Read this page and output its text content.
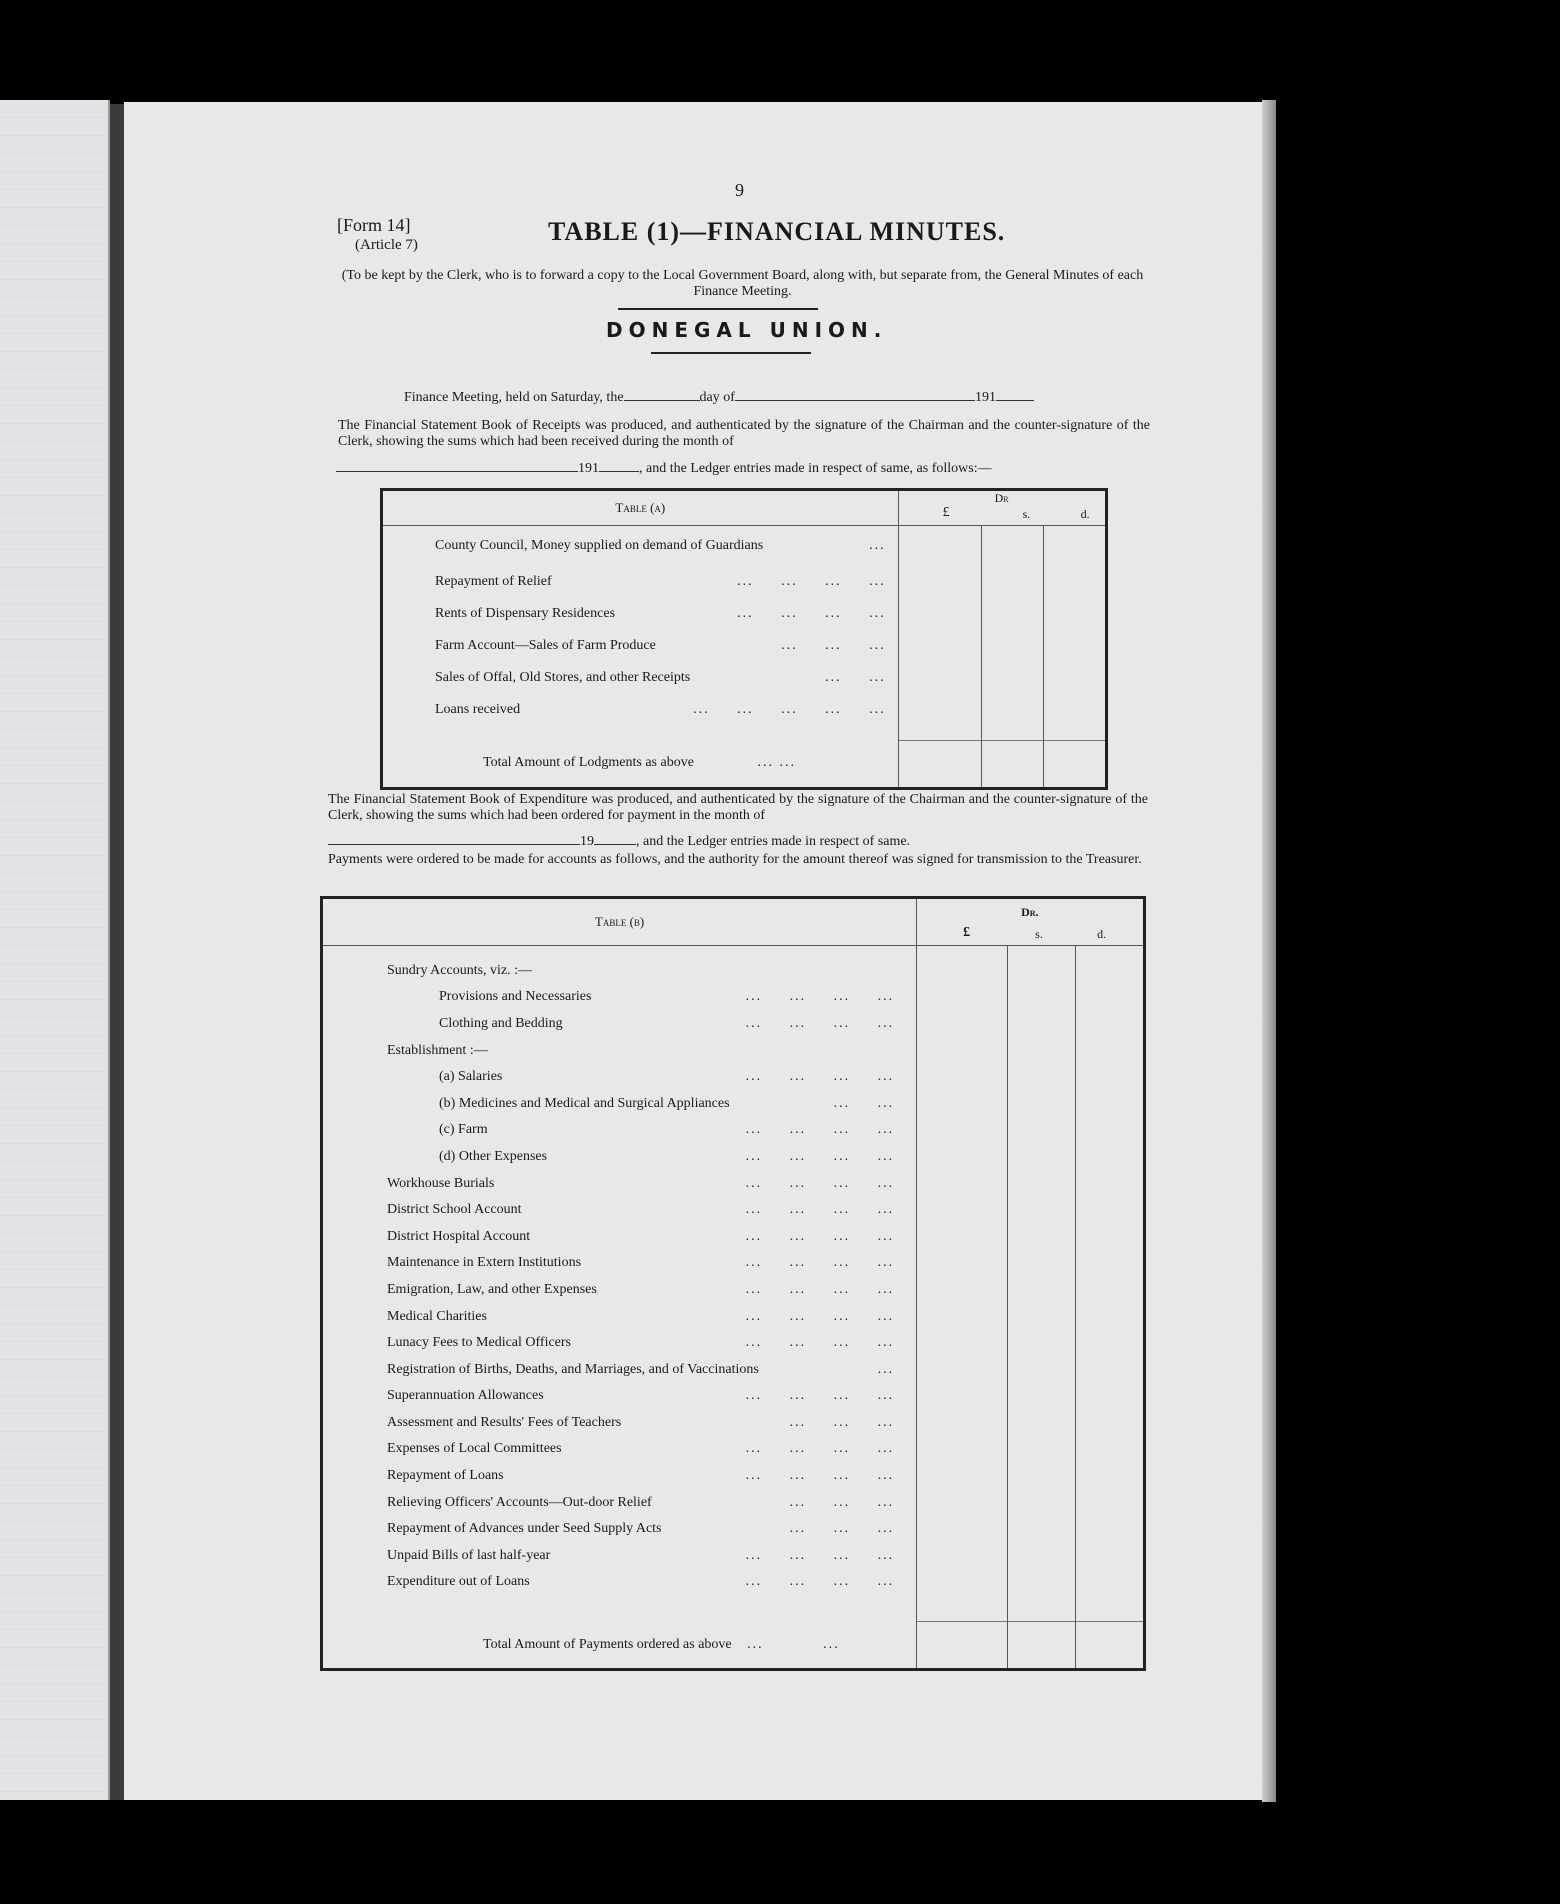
9
[Form 14]
(Article 7)	TABLE (1)—FINANCIAL MINUTES.
(To be kept by the Clerk, who is to forward a copy to the Local Government Board, along with, but separate from, the General Minutes of each Finance Meeting.
DONEGAL UNION.
Finance Meeting, held on Saturday, the	day of	191
The Financial Statement Book of Receipts was produced, and authenticated by the signature of the Chairman and the counter-signature of the Clerk, showing the sums which had been received during the month of
191	, and the Ledger entries made in respect of same, as follows:—
Table (a)	Dr
£ s. d.		

County Council, Money supplied on demand of Guardians ...			

Repayment of Relief ...     ...     ...     ...			

Rents of Dispensary Residences ...     ...     ...     ...			

Farm Account—Sales of Farm Produce ...     ...     ...			

Sales of Offal, Old Stores, and other Receipts ...     ...			

Loans received ...     ...     ...     ...     ...			

Total Amount of Lodgments as above ... ...			
The Financial Statement Book of Expenditure was produced, and authenticated by the signature of the Chairman and the counter-signature of the Clerk, showing the sums which had been ordered for payment in the month of
19	, and the Ledger entries made in respect of same.
Payments were ordered to be made for accounts as follows, and the authority for the amount thereof was signed for transmission to the Treasurer.
Table (b)	Dr.
£ s. d.		

Sundry Accounts, viz. :—			
Provisions and Necessaries ...     ...     ...     ...			

Clothing and Bedding ...     ...     ...     ...			

Establishment :—			
(a) Salaries ...     ...     ...     ...			

(b) Medicines and Medical and Surgical Appliances ...     ...			

(c) Farm ...     ...     ...     ...			

(d) Other Expenses ...     ...     ...     ...			

Workhouse Burials ...     ...     ...     ...			

District School Account ...     ...     ...     ...			

District Hospital Account ...     ...     ...     ...			

Maintenance in Extern Institutions ...     ...     ...     ...			

Emigration, Law, and other Expenses ...     ...     ...     ...			

Medical Charities ...     ...     ...     ...			

Lunacy Fees to Medical Officers ...     ...     ...     ...			

Registration of Births, Deaths, and Marriages, and of Vaccinations ...			

Superannuation Allowances ...     ...     ...     ...			

Assessment and Results' Fees of Teachers ...     ...     ...			

Expenses of Local Committees ...     ...     ...     ...			

Repayment of Loans ...     ...     ...     ...			

Relieving Officers' Accounts—Out-door Relief ...     ...     ...			

Repayment of Advances under Seed Supply Acts ...     ...     ...			

Unpaid Bills of last half-year ...     ...     ...     ...			

Expenditure out of Loans ...     ...     ...     ...			

Total Amount of Payments ordered as above ... ...			
